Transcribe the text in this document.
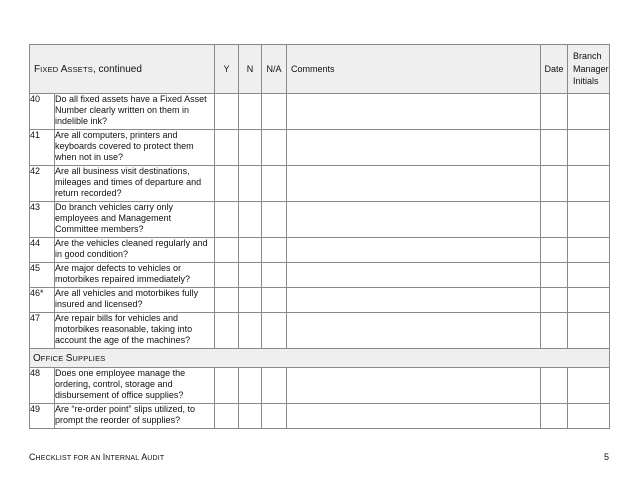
FIXED ASSETS, continued		Y	N	N/A	Comments	Date	Branch
Manager
Initials
40	Do all fixed assets have a Fixed Asset
Number clearly written on them in
indelible ink?						
41	Are all computers, printers and
keyboards covered to protect them
when not in use?						
42	Are all business visit destinations,
mileages and times of departure and
return recorded?						
43	Do branch vehicles carry only
employees and Management
Committee members?						
44	Are the vehicles cleaned regularly and
in good condition?						
45	Are major defects to vehicles or
motorbikes repaired immediately?						
46*	Are all vehicles and motorbikes fully
insured and licensed?						
47	Are repair bills for vehicles and
motorbikes reasonable, taking into
account the age of the machines?						
OFFICE SUPPLIES							
48	Does one employee manage the
ordering, control, storage and
disbursement of office supplies?						
49	Are “re-order point” slips utilized, to
prompt the reorder of supplies?						
CHECKLIST FOR AN INTERNAL AUDIT	5
